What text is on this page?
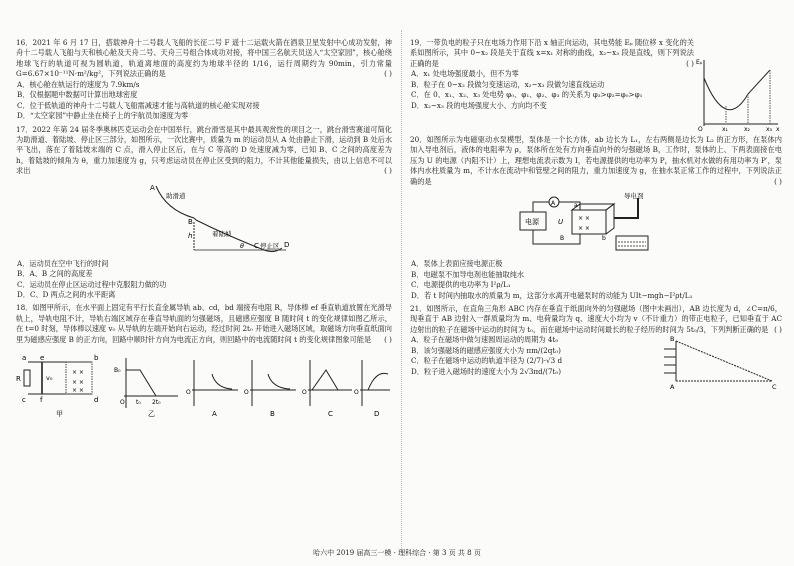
16．2021 年 6 月 17 日，搭载神舟十二号载人飞船的长征二号 F 遥十二运载火箭在酒泉卫星发射中心成功发射，神舟十二号载人飞船与天和核心舱及天舟二号、天舟三号组合体成功对接，将中国三名航天员送入“太空家园”，核心舱绕地球飞行的轨道可视为圆轨道，轨道离地面的高度约为地球半径的 1/16，运行周期约为 90min，引力常量 G=6.67×10⁻¹¹N·m²/kg²，下列说法正确的是	( )
A．核心舱在轨运行的速度为 7.9km/s
B．仅根据题中数据可计算出地球密度
C．位于低轨道的神舟十二号载人飞船需减速才能与高轨道的核心舱实现对接
D．“太空家园”中静止坐在椅子上的宇航员加速度为零
17．2022 年第 24 届冬季奥林匹克运动会在中国举行，跳台滑雪是其中最具观赏性的项目之一，跳台滑雪赛道可简化为助滑道、着陆坡、停止区三部分，如图所示，一次比赛中，质量为 m 的运动员从 A 处由静止下滑，运动到 B 处后水平飞出，落在了着陆坡末端的 C 点，滑入停止区后，在与 C 等高的 D 处速度减为零，已知 B、C 之间的高度差为 h，着陆坡的倾角为 θ，重力加速度为 g，只考虑运动员在停止区受到的阻力，不计其他能量损失，由以上信息不可以求出	( )
A
助滑道
B
着陆坡
h
θ C 停止区 D
A．运动员在空中飞行的时间
B．A、B 之间的高度差
C．运动员在停止区运动过程中克服阻力做的功
D．C、D 两点之间的水平距离
18．如图甲所示，在水平面上固定有平行长直金属导轨 ab、cd，bd 端接有电阻 R，导体棒 ef 垂直轨道放置在光滑导轨上，导轨电阻不计，导轨右端区域存在垂直导轨面的匀强磁场，且磁感应强度 B 随时间 t 的变化规律如图乙所示，在 t=0 时刻，导体棒以速度 v₀ 从导轨的左端开始向右运动，经过时间 2t₀ 开始进入磁场区域，取磁场方向垂直纸面向里为磁感应强度 B 的正方向，回路中顺时针方向为电流正方向，则回路中的电流随时间 t 的变化规律图象可能是 ( )
× ×
× ×
× ×
a
c
b
d
e
f
R	v₀
甲
B₀
O t₀ 2t₀
乙
O
A
O
B
O
C
O
D
19．一带负电的粒子只在电场力作用下沿 x 轴正向运动，其电势能 Eₚ 随位移 x 变化的关系如图所示，其中 0~x₂ 段是关于直线 x=x₁ 对称的曲线，x₂~x₃ 段是直线，则下列说法正确的是	( )
A．x₁ 处电场强度最小，但不为零
B．粒子在 0~x₂ 段做匀变速运动，x₂~x₃ 段做匀速直线运动
C．在 0、x₁、x₂、x₃ 处电势 φ₀、φ₁、φ₂、φ₃ 的关系为 φ₃>φ₂=φ₀>φ₁
D．x₂~x₃ 段的电场强度大小、方向均不变
Eₚ
O	x₁	x₂	x₃ x
20．如图所示为电磁驱动水泵模型，泵体是一个长方体，ab 边长为 L₁，左右两侧是边长为 L₂ 的正方形，在泵体内加入导电剂后，液体的电阻率为 ρ，泵体所在处有方向垂直向外的匀强磁场 B，工作时，泵体的上、下两表面接在电压为 U 的电源（内阻不计）上，理想电流表示数为 I，若电源提供的电功率为 P，抽水机对水做的有用功率为 P′，泵体内水柱质量为 m，不计水在流动中和管壁之间的阻力，重力加速度为 g，在抽水泵正常工作的过程中，下列说法正确的是	( )
电源
A
U × ×
× ×
a
b
B
导电剂
A．泵体上表面应接电源正极
B．电磁泵不加导电剂也能抽取纯水
C．电源提供的电功率为 I²ρ/L₁
D．若 t 时间内抽取水的质量为 m，这部分水离开电磁泵时的动能为 UIt−mgh−I²ρt/L₁
21．如图所示，在直角三角形 ABC 内存在垂直于纸面向外的匀强磁场（图中未画出），AB 边长度为 d，∠C=π/6，现垂直于 AB 边射入一群质量均为 m、电荷量均为 q、速度大小均为 v（不计重力）的带正电粒子，已知垂直于 AC 边射出的粒子在磁场中运动的时间为 t₀，而在磁场中运动时间最长的粒子经历的时间为 5t₀/3，下列判断正确的是 ( )
A．粒子在磁场中做匀速圆周运动的周期为 4t₀
B．该匀强磁场的磁感应强度大小为 πm/(2qt₀)
C．粒子在磁场中运动的轨道半径为 (2/7)·√3 d
D．粒子进入磁场时的速度大小为 2√3πd/(7t₀)
B
A	C
哈六中 2019 届高三一模 · 理科综合 · 第 3 页 共 8 页
